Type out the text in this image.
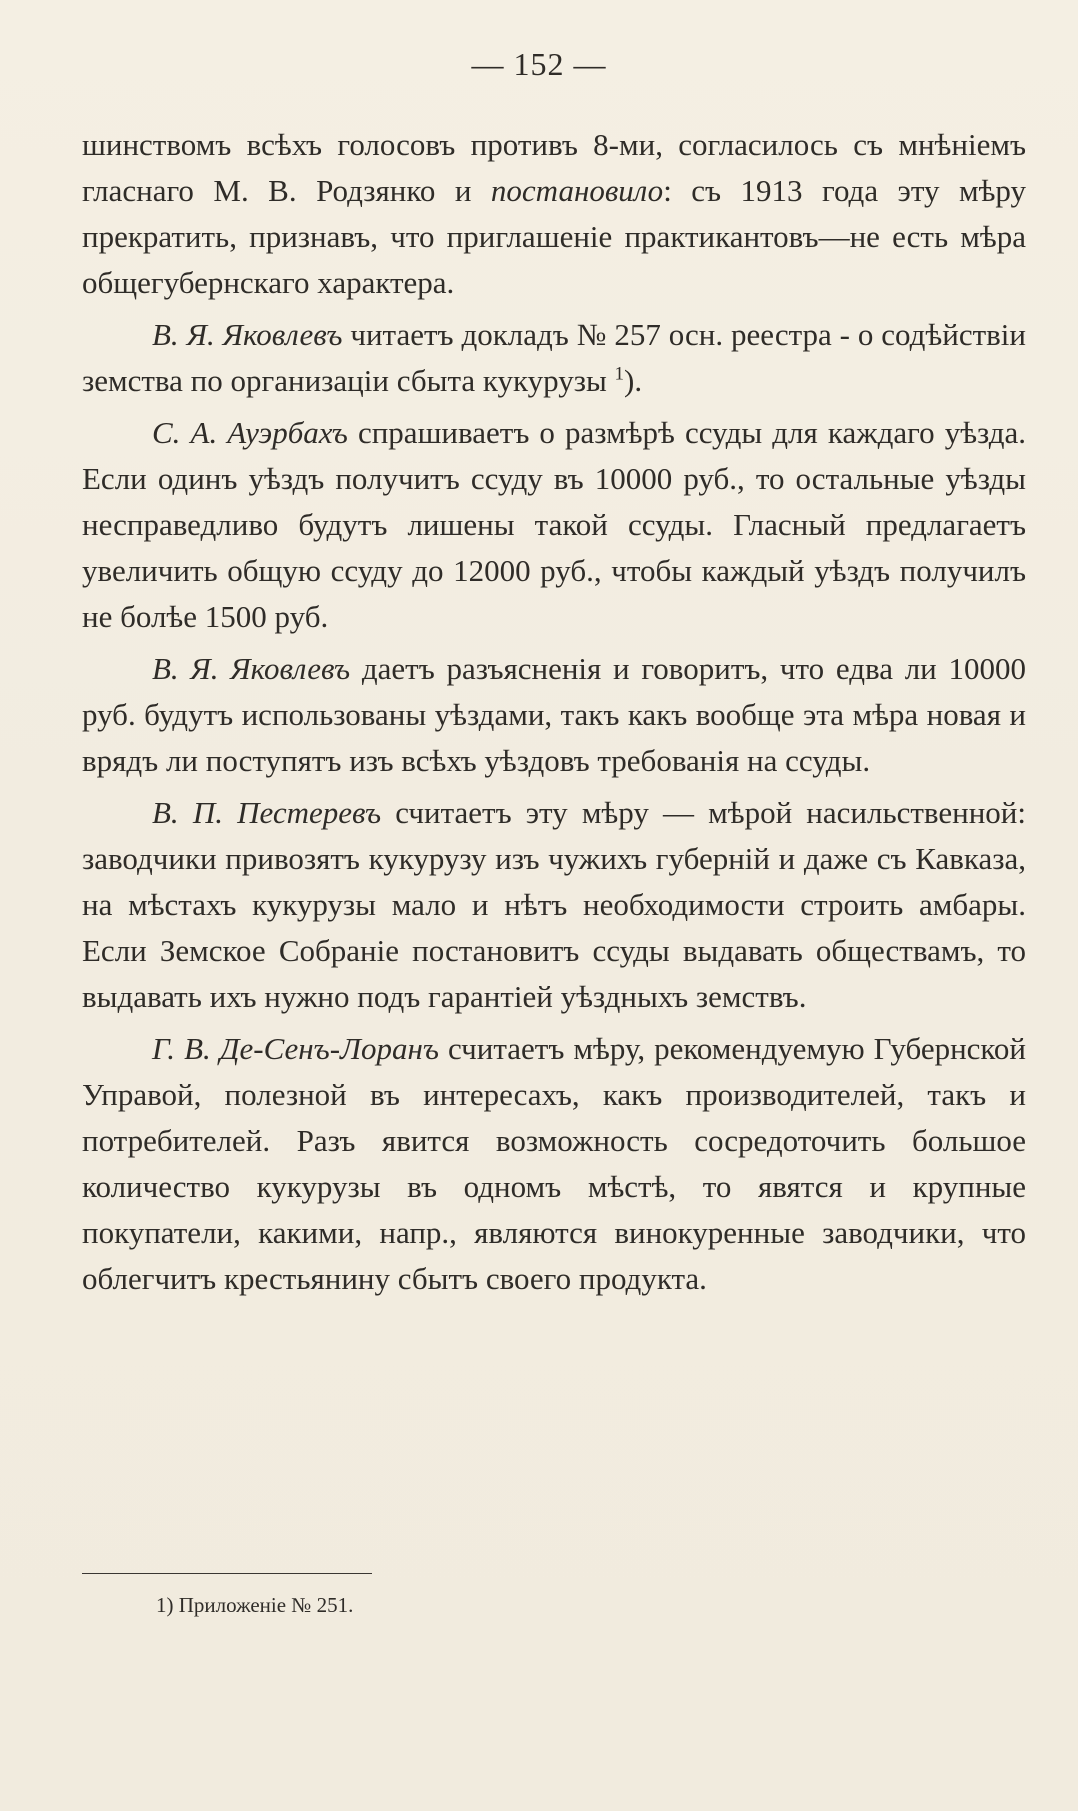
— 152 —

шинствомъ всѣхъ голосовъ противъ 8-ми, согласилось съ мнѣніемъ гласнаго М. В. Родзянко и постановило: съ 1913 года эту мѣру прекратить, признавъ, что приглашеніе практикантовъ—не есть мѣра общегубернскаго характера.

В. Я. Яковлевъ читаетъ докладъ № 257 осн. реестра - о содѣйствіи земства по организаціи сбыта кукурузы $^1$).

С. А. Ауэрбахъ спрашиваетъ о размѣрѣ ссуды для каждаго уѣзда. Если одинъ уѣздъ получитъ ссуду въ 10000 руб., то остальные уѣзды несправедливо будутъ лишены такой ссуды. Гласный предлагаетъ увеличить общую ссуду до 12000 руб., чтобы каждый уѣздъ получилъ не болѣе 1500 руб.

В. Я. Яковлевъ даетъ разъясненія и говоритъ, что едва ли 10000 руб. будутъ использованы уѣздами, такъ какъ вообще эта мѣра новая и врядъ ли поступятъ изъ всѣхъ уѣздовъ требованія на ссуды.

В. П. Пестеревъ считаетъ эту мѣру — мѣрой насильственной: заводчики привозятъ кукурузу изъ чужихъ губерній и даже съ Кавказа, на мѣстахъ кукурузы мало и нѣтъ необходимости строить амбары. Если Земское Собраніе постановитъ ссуды выдавать обществамъ, то выдавать ихъ нужно подъ гарантіей уѣздныхъ земствъ.

Г. В. Де-Сенъ-Лоранъ считаетъ мѣру, рекомендуемую Губернской Управой, полезной въ интересахъ, какъ производителей, такъ и потребителей. Разъ явится возможность сосредоточить большое количество кукурузы въ одномъ мѣстѣ, то явятся и крупные покупатели, какими, напр., являются винокуренные заводчики, что облегчитъ крестьянину сбытъ своего продукта.

1) Приложеніе № 251.
